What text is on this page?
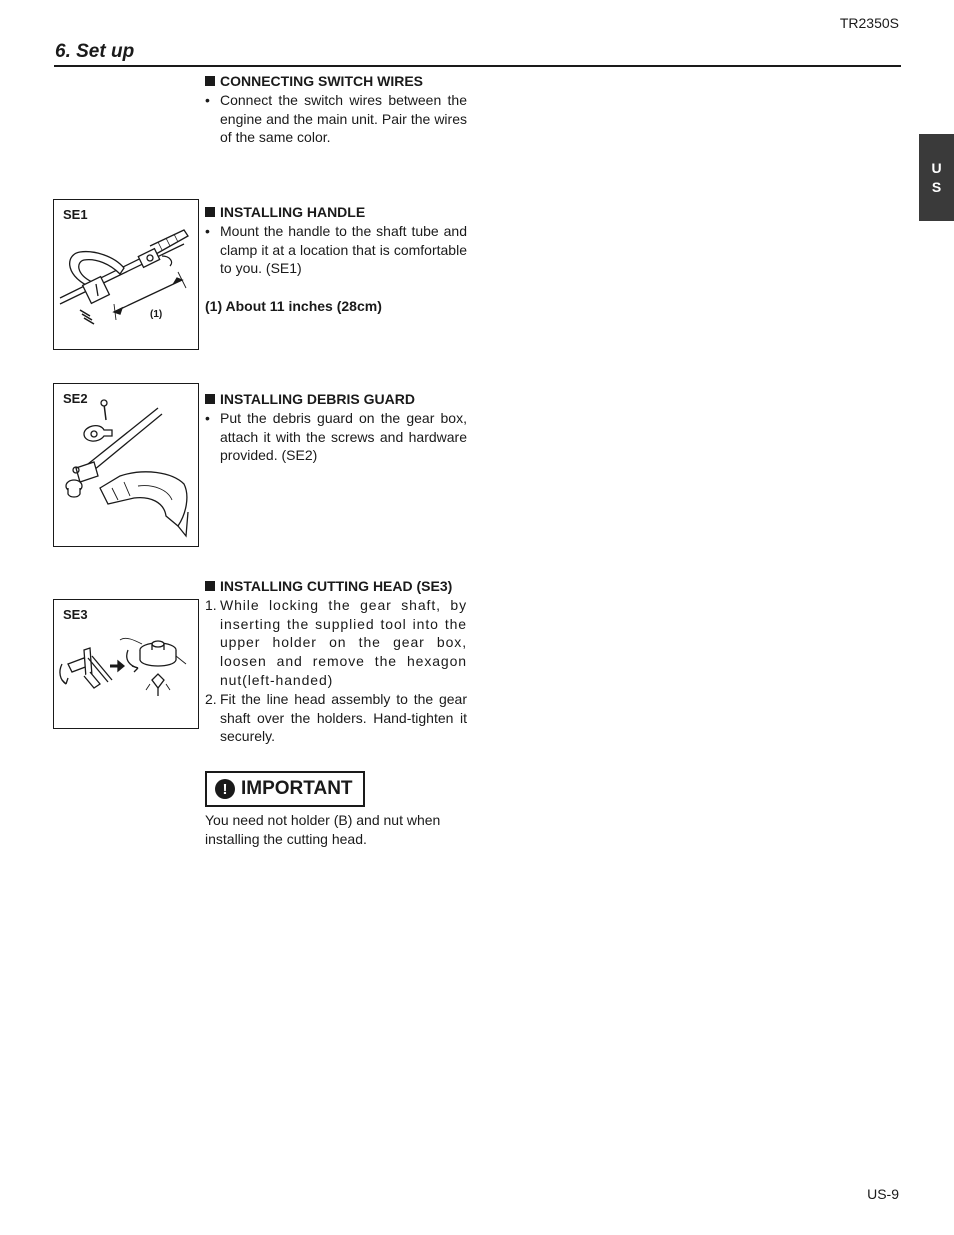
TR2350S
6. Set up
U
S
CONNECTING SWITCH WIRES
• Connect the switch wires between the engine and the main unit. Pair the wires of the same color.
SE1
(1)
INSTALLING HANDLE
• Mount the handle to the shaft tube and clamp it at a location that is comfortable to you. (SE1)
(1) About 11 inches (28cm)
SE2	INSTALLING DEBRIS GUARD
• Put the debris guard on the gear box, attach it with the screws and hardware provided. (SE2)
SE3
INSTALLING CUTTING HEAD (SE3)
1. While locking the gear shaft, by inserting the supplied tool into the upper holder on the gear box, loosen and remove the hexagon nut(left-handed)
2. Fit the line head assembly to the gear shaft over the holders. Hand-tighten it securely.
! IMPORTANT
You need not holder (B) and nut when installing the cutting head.
US-9
